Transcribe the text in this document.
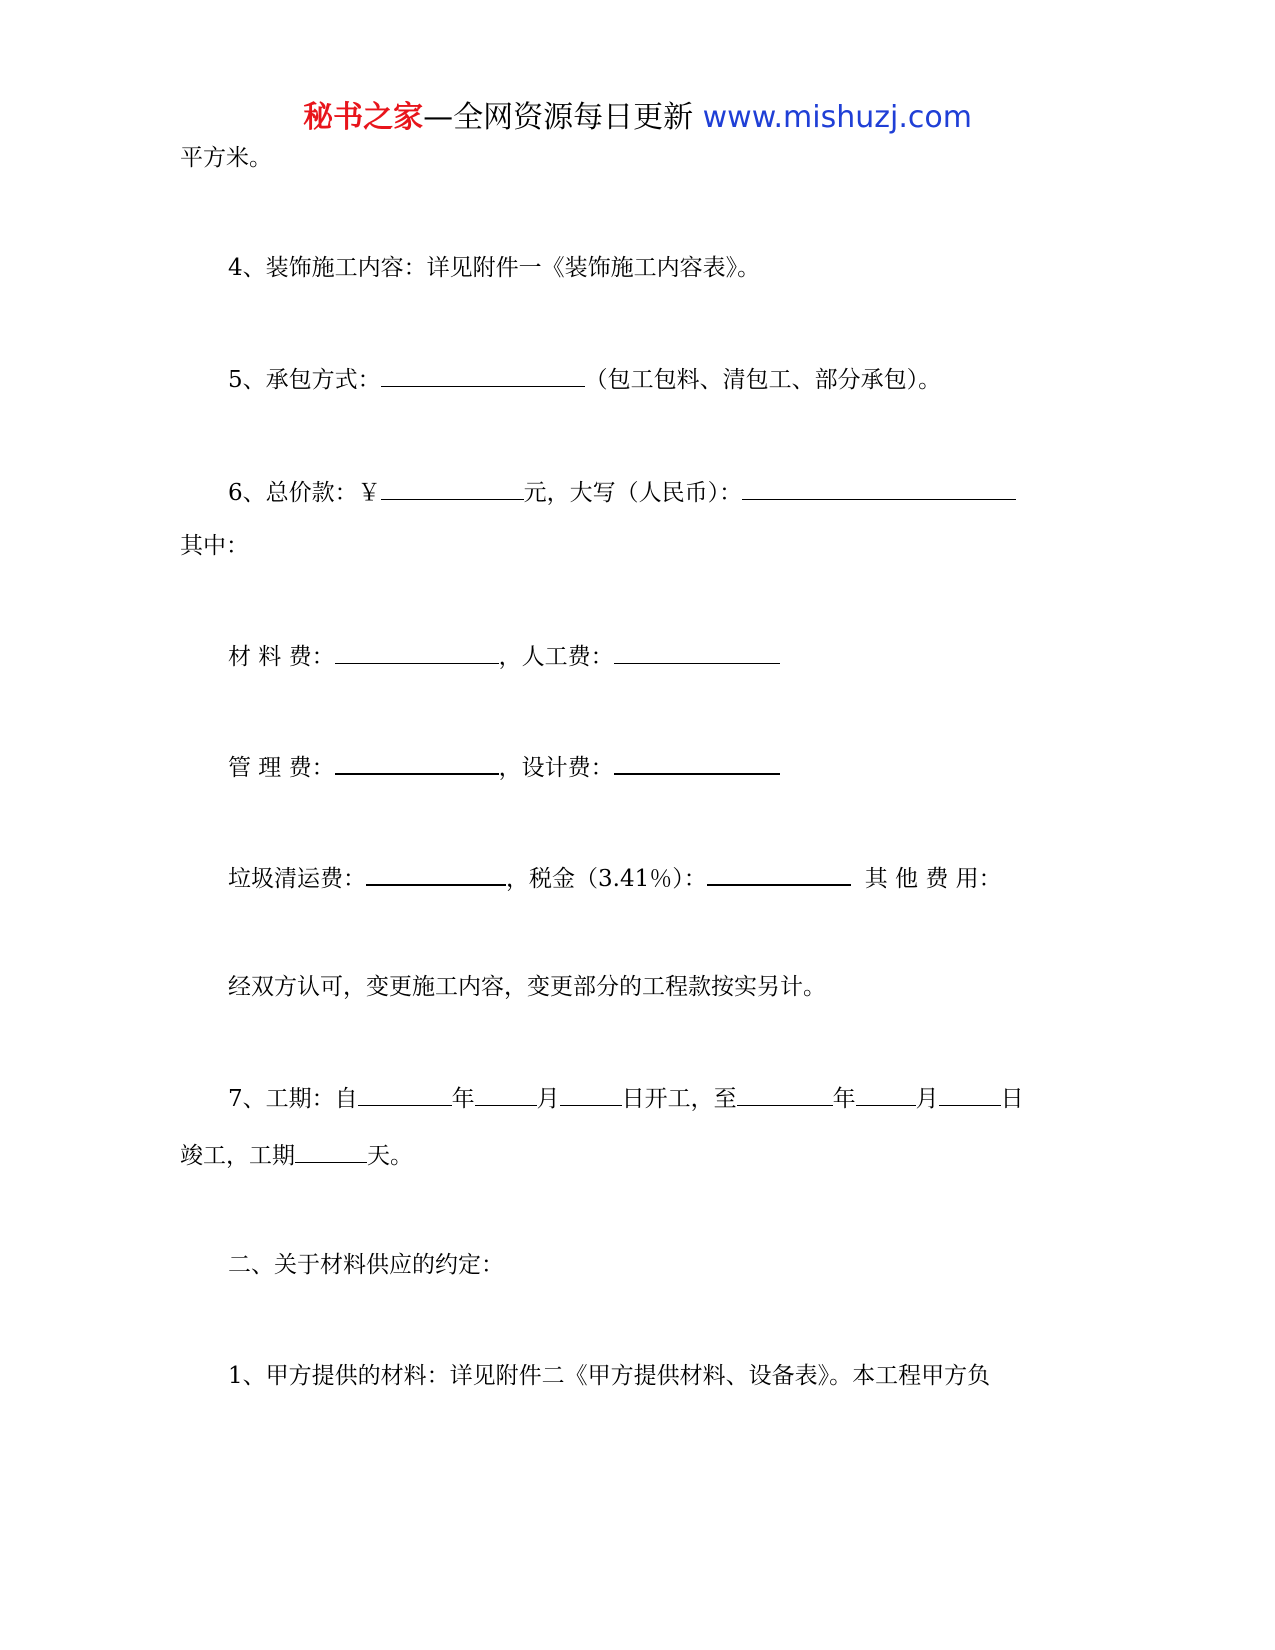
秘书之家—全网资源每日更新 www.mishuzj.com
平方米。
4、装饰施工内容：详见附件一《装饰施工内容表》。
5、承包方式：	（包工包料、清包工、部分承包）。
6、总价款：￥	元，大写（人民币）：
其中：
材 料 费：	，人工费：
管 理 费：	，设计费：
垃圾清运费：	，税金（3.41％）：	其 他 费 用：
经双方认可，变更施工内容，变更部分的工程款按实另计。
7、工期：自	年	月	日开工，至	年	月	日
竣工，工期	天。
二、关于材料供应的约定：
1、甲方提供的材料：详见附件二《甲方提供材料、设备表》。本工程甲方负
